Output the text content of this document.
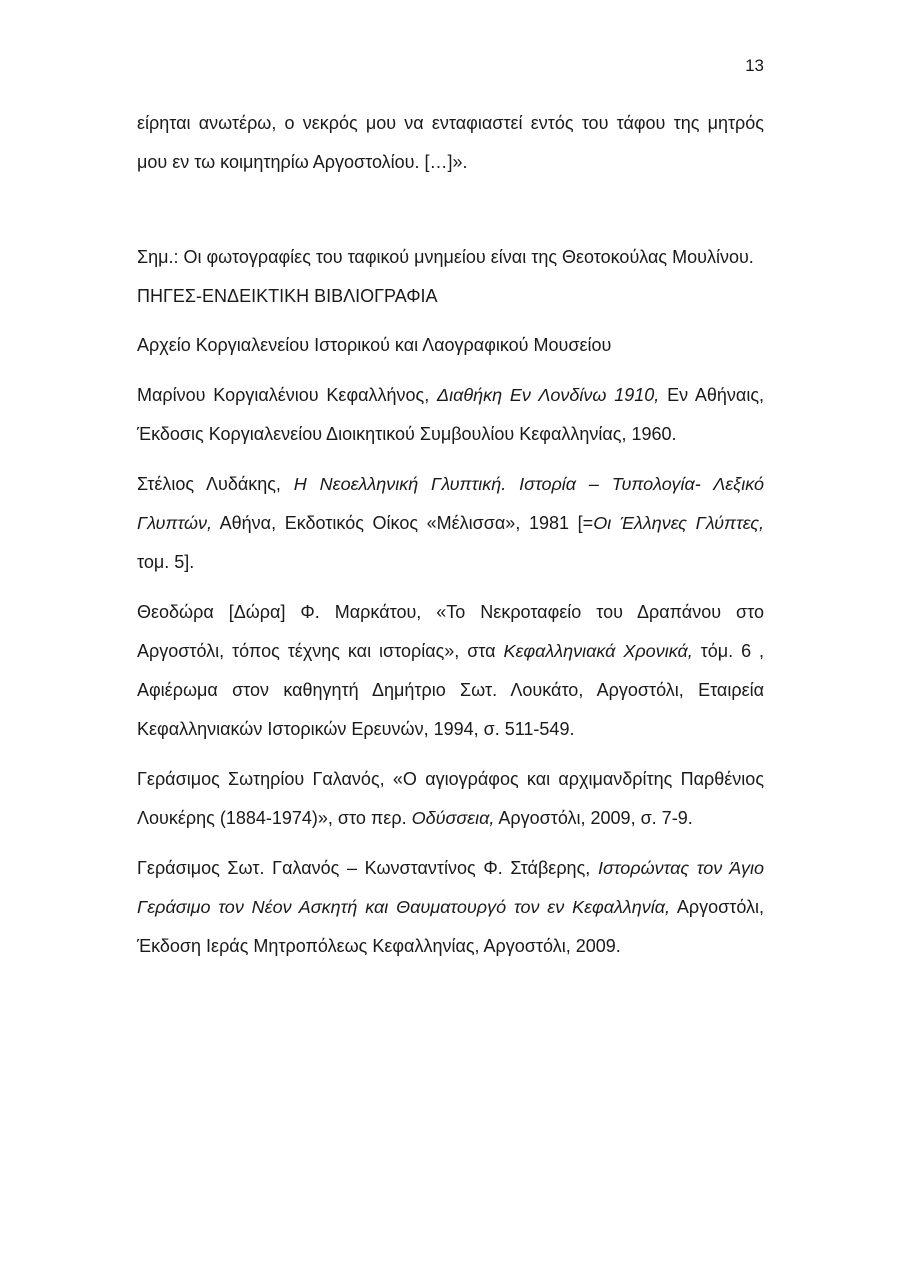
13

είρηται ανωτέρω, ο νεκρός μου να ενταφιαστεί εντός του τάφου της μητρός μου εν τω κοιμητηρίω Αργοστολίου. […]».

Σημ.: Οι φωτογραφίες του ταφικού μνημείου είναι της Θεοτοκούλας Μουλίνου.

ΠΗΓΕΣ-ΕΝΔΕΙΚΤΙΚΗ ΒΙΒΛΙΟΓΡΑΦΙΑ

Αρχείο Κοργιαλενείου Ιστορικού και Λαογραφικού Μουσείου

Μαρίνου Κοργιαλένιου Κεφαλλήνος, Διαθήκη Εν Λονδίνω 1910, Εν Αθήναις, Έκδοσις Κοργιαλενείου Διοικητικού Συμβουλίου Κεφαλληνίας, 1960.

Στέλιος Λυδάκης, Η Νεοελληνική Γλυπτική. Ιστορία – Τυπολογία- Λεξικό Γλυπτών, Αθήνα, Εκδοτικός Οίκος «Μέλισσα», 1981 [=Οι Έλληνες Γλύπτες, τομ. 5].

Θεοδώρα [Δώρα] Φ. Μαρκάτου, «Το Νεκροταφείο του Δραπάνου στο Αργοστόλι, τόπος τέχνης και ιστορίας», στα Κεφαλληνιακά Χρονικά, τόμ. 6 , Αφιέρωμα στον καθηγητή Δημήτριο Σωτ. Λουκάτο, Αργοστόλι, Εταιρεία Κεφαλληνιακών Ιστορικών Ερευνών, 1994, σ. 511-549.

Γεράσιμος Σωτηρίου Γαλανός, «Ο αγιογράφος και αρχιμανδρίτης Παρθένιος Λουκέρης (1884-1974)», στο περ. Οδύσσεια, Αργοστόλι, 2009, σ. 7-9.

Γεράσιμος Σωτ. Γαλανός – Κωνσταντίνος Φ. Στάβερης, Ιστορώντας τον Άγιο Γεράσιμο τον Νέον Ασκητή και Θαυματουργό τον εν Κεφαλληνία, Αργοστόλι, Έκδοση Ιεράς Μητροπόλεως Κεφαλληνίας, Αργοστόλι, 2009.
